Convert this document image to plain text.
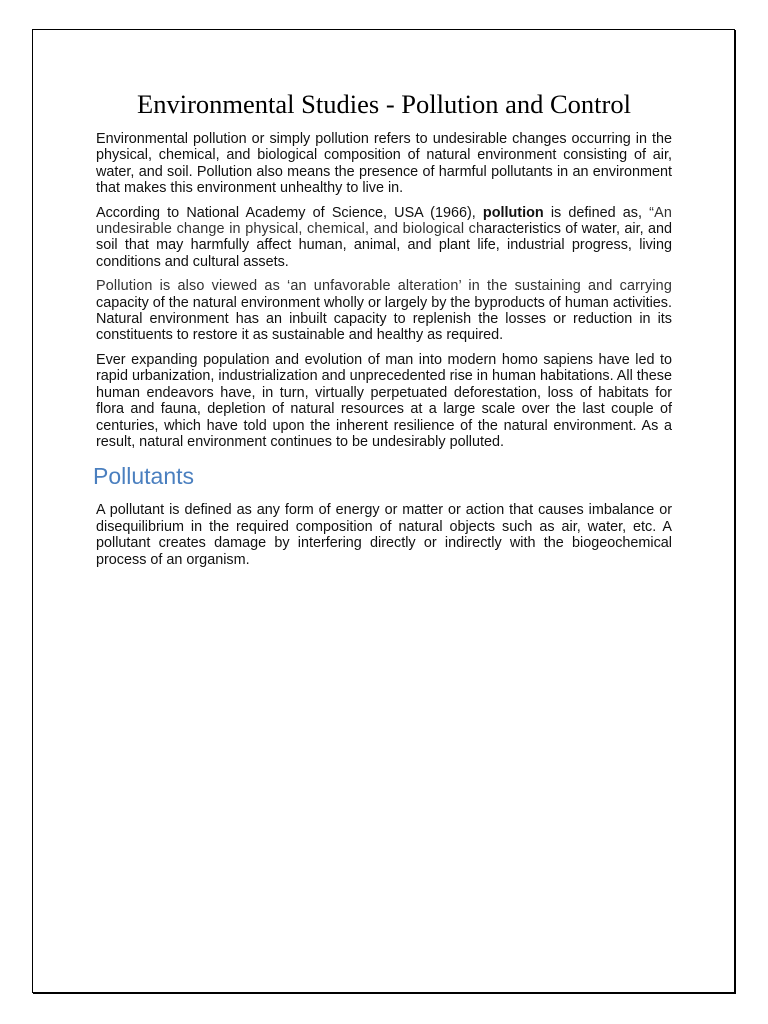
Environmental Studies - Pollution and Control

Environmental pollution or simply pollution refers to undesirable changes occurring in the physical, chemical, and biological composition of natural environment consisting of air, water, and soil. Pollution also means the presence of harmful pollutants in an environment that makes this environment unhealthy to live in.

According to National Academy of Science, USA (1966), pollution is defined as, “An undesirable change in physical, chemical, and biological characteristics of water, air, and soil that may harmfully affect human, animal, and plant life, industrial progress, living conditions and cultural assets.

Pollution is also viewed as ‘an unfavorable alteration’ in the sustaining and carrying capacity of the natural environment wholly or largely by the byproducts of human activities. Natural environment has an inbuilt capacity to replenish the losses or reduction in its constituents to restore it as sustainable and healthy as required.

Ever expanding population and evolution of man into modern homo sapiens have led to rapid urbanization, industrialization and unprecedented rise in human habitations. All these human endeavors have, in turn, virtually perpetuated deforestation, loss of habitats for flora and fauna, depletion of natural resources at a large scale over the last couple of centuries, which have told upon the inherent resilience of the natural environment. As a result, natural environment continues to be undesirably polluted.

Pollutants

A pollutant is defined as any form of energy or matter or action that causes imbalance or disequilibrium in the required composition of natural objects such as air, water, etc. A pollutant creates damage by interfering directly or indirectly with the biogeochemical process of an organism.
